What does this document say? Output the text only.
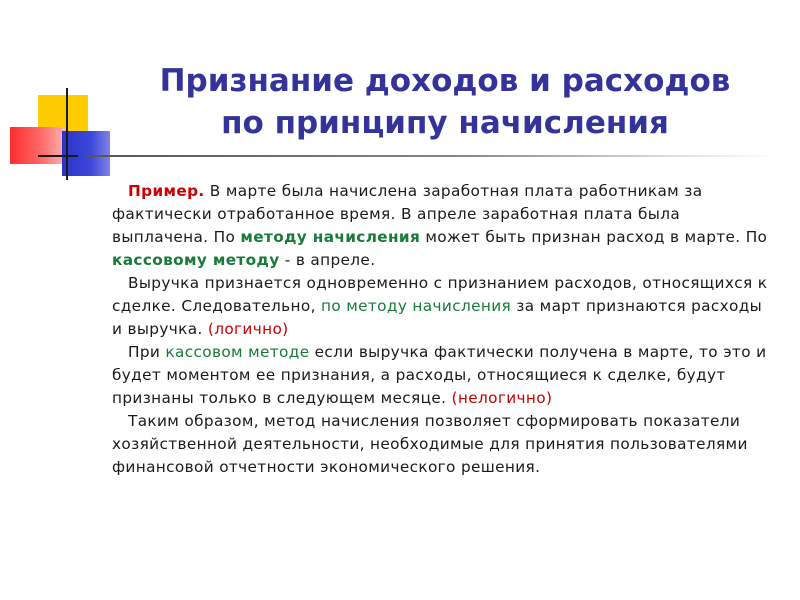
Признание доходов и расходов
по принципу начисления

Пример. В марте была начислена заработная плата работникам за фактически отработанное время. В апреле заработная плата была выплачена. По методу начисления может быть признан расход в марте. По кассовому методу - в апреле.

Выручка признается одновременно с признанием расходов, относящихся к сделке. Следовательно, по методу начисления за март признаются расходы и выручка. (логично)

При кассовом методе если выручка фактически получена в марте, то это и будет моментом ее признания, а расходы, относящиеся к сделке, будут признаны только в следующем месяце. (нелогично)

Таким образом, метод начисления позволяет сформировать показатели хозяйственной деятельности, необходимые для принятия пользователями финансовой отчетности экономического решения.
